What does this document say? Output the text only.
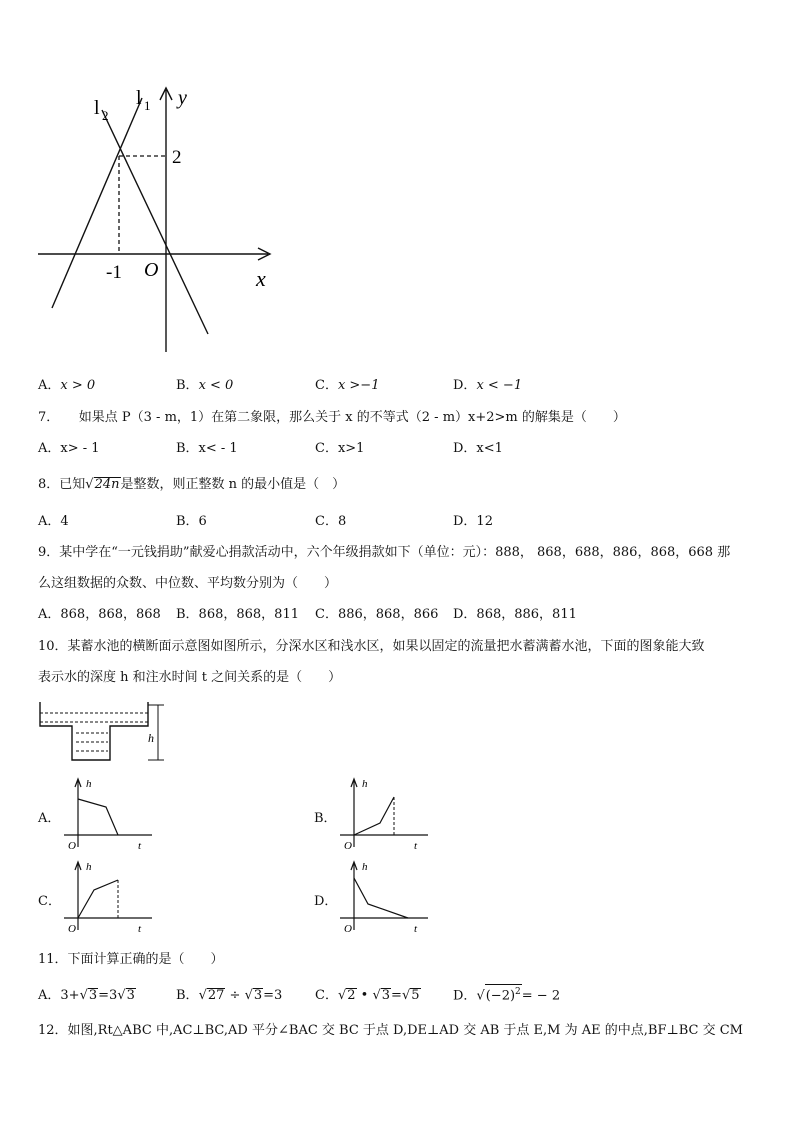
l 2
l 1 y
x
O
-1
2
A．x > 0	B．x < 0	C．x >−1	D．x < −1
7．　　如果点 P（3 - m，1）在第二象限，那么关于 x 的不等式（2 - m）x+2>m 的解集是（　　）
A．x> - 1	B．x< - 1	C．x>1	D．x<1
8．已知√24n是整数，则正整数 n 的最小值是（　）
A．4	B．6	C．8	D．12
9．某中学在“一元钱捐助”献爱心捐款活动中，六个年级捐款如下（单位：元）：888， 868，688，886，868，668 那
么这组数据的众数、中位数、平均数分别为（　　）
A．868，868，868 B．868，868，811 C．886，868，866 D．868，886，811
10．某蓄水池的横断面示意图如图所示，分深水区和浅水区，如果以固定的流量把水蓄满蓄水池，下面的图象能大致
表示水的深度 h 和注水时间 t 之间关系的是（　　）
h
A．
h
t
O
B．
h
t
O
C．
h
t
O
D．
h
t
O
11．下面计算正确的是（　　）
A．3+√3=3√3	B．√27 ÷ √3=3	C．√2 • √3=√5	D．$√(-2)^2= - 2$
12．如图,Rt△ABC 中,AC⊥BC,AD 平分∠BAC 交 BC 于点 D,DE⊥AD 交 AB 于点 E,M 为 AE 的中点,BF⊥BC 交 CM
